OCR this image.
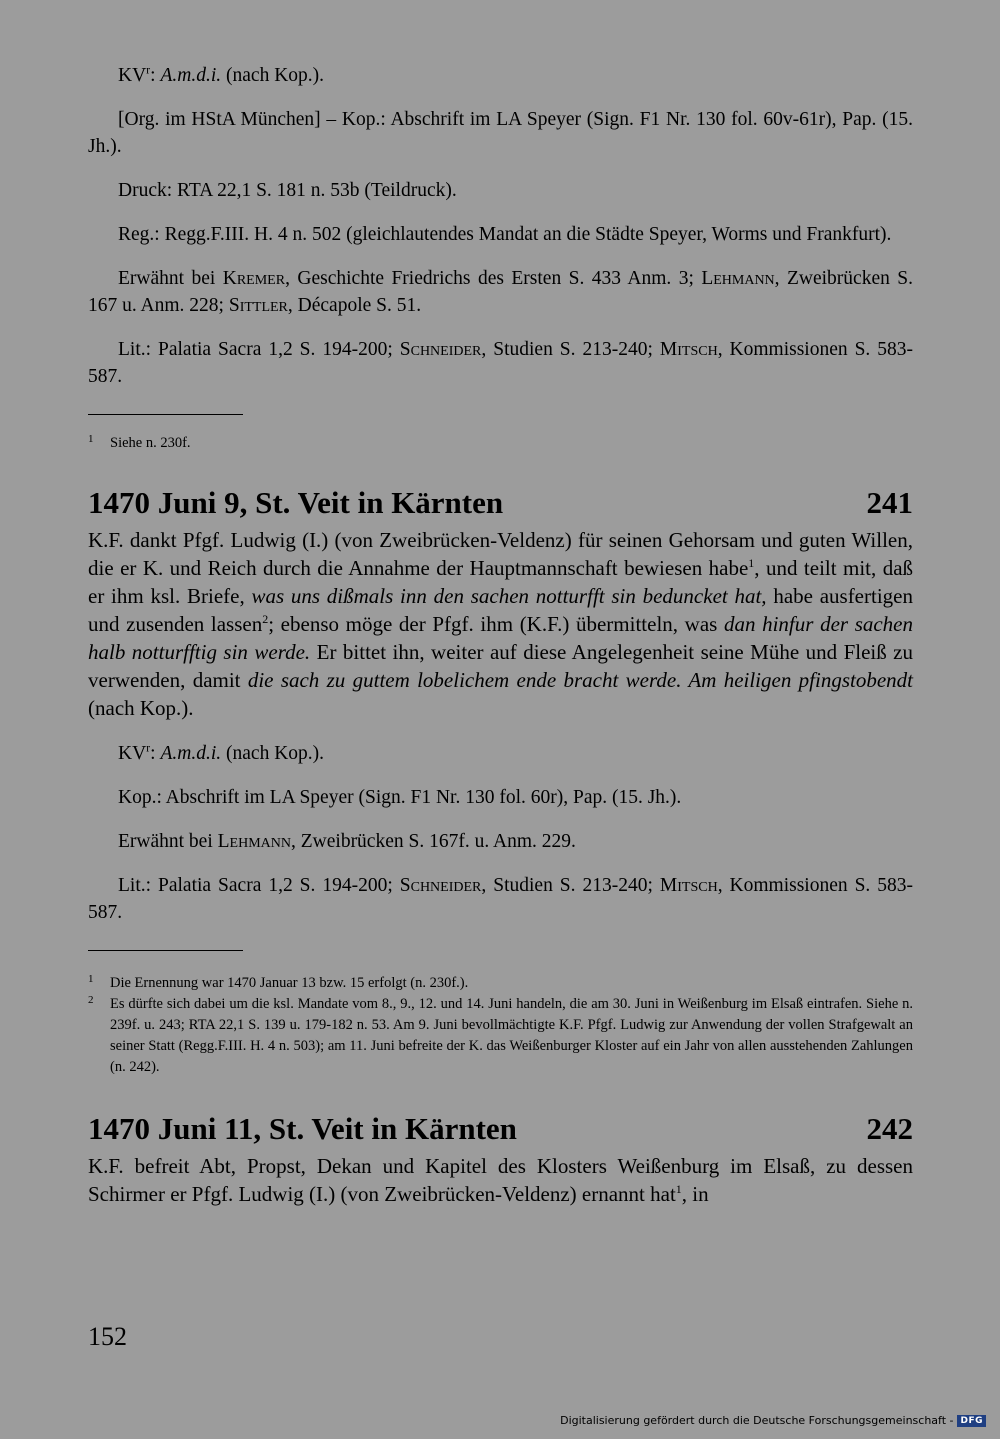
$KV^r$: A.m.d.i. (nach Kop.).

[Org. im HStA München] – Kop.: Abschrift im LA Speyer (Sign. F1 Nr. 130 fol. 60v-61r), Pap. (15. Jh.).

Druck: RTA 22,1 S. 181 n. 53b (Teildruck).

Reg.: Regg.F.III. H. 4 n. 502 (gleichlautendes Mandat an die Städte Speyer, Worms und Frankfurt).

Erwähnt bei Kremer, Geschichte Friedrichs des Ersten S. 433 Anm. 3; Lehmann, Zweibrücken S. 167 u. Anm. 228; Sittler, Décapole S. 51.

Lit.: Palatia Sacra 1,2 S. 194-200; Schneider, Studien S. 213-240; Mitsch, Kommissionen S. 583-587.

1 Siehe n. 230f.

1470 Juni 9, St. Veit in Kärnten	241

K.F. dankt Pfgf. Ludwig (I.) (von Zweibrücken-Veldenz) für seinen Gehorsam und guten Willen, die er K. und Reich durch die Annahme der Hauptmannschaft bewiesen habe$^1$, und teilt mit, daß er ihm ksl. Briefe, was uns dißmals inn den sachen notturfft sin beduncket hat, habe ausfertigen und zusenden lassen$^2$; ebenso möge der Pfgf. ihm (K.F.) übermitteln, was dan hinfur der sachen halb notturfftig sin werde. Er bittet ihn, weiter auf diese Angelegenheit seine Mühe und Fleiß zu verwenden, damit die sach zu guttem lobelichem ende bracht werde. Am heiligen pfingstobendt (nach Kop.).

$KV^r$: A.m.d.i. (nach Kop.).

Kop.: Abschrift im LA Speyer (Sign. F1 Nr. 130 fol. 60r), Pap. (15. Jh.).

Erwähnt bei Lehmann, Zweibrücken S. 167f. u. Anm. 229.

Lit.: Palatia Sacra 1,2 S. 194-200; Schneider, Studien S. 213-240; Mitsch, Kommissionen S. 583-587.

1 Die Ernennung war 1470 Januar 13 bzw. 15 erfolgt (n. 230f.).

2 Es dürfte sich dabei um die ksl. Mandate vom 8., 9., 12. und 14. Juni handeln, die am 30. Juni in Weißenburg im Elsaß eintrafen. Siehe n. 239f. u. 243; RTA 22,1 S. 139 u. 179-182 n. 53. Am 9. Juni bevollmächtigte K.F. Pfgf. Ludwig zur Anwendung der vollen Strafgewalt an seiner Statt (Regg.F.III. H. 4 n. 503); am 11. Juni befreite der K. das Weißenburger Kloster auf ein Jahr von allen ausstehenden Zahlungen (n. 242).

1470 Juni 11, St. Veit in Kärnten	242

K.F. befreit Abt, Propst, Dekan und Kapitel des Klosters Weißenburg im Elsaß, zu dessen Schirmer er Pfgf. Ludwig (I.) (von Zweibrücken-Veldenz) ernannt hat$^1$, in

152
Digitalisierung gefördert durch die Deutsche Forschungsgemeinschaft - DFG
